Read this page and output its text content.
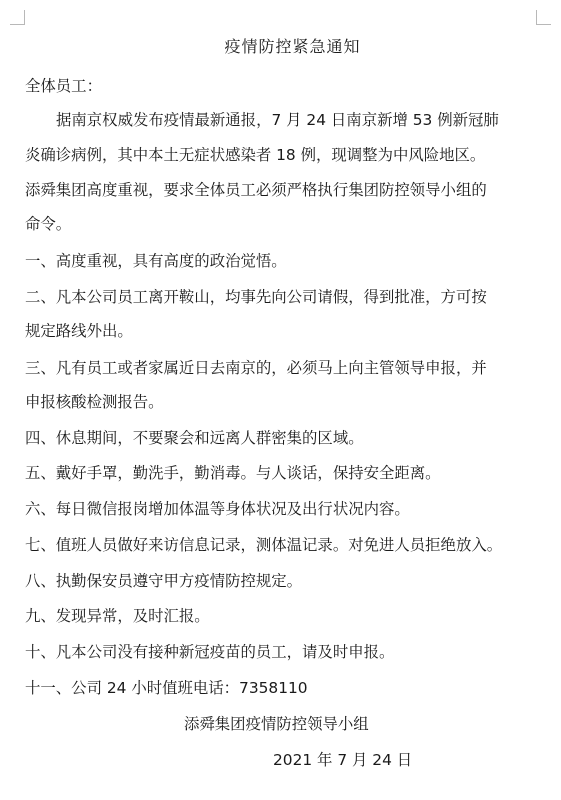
疫情防控紧急通知
全体员工：
据南京权威发布疫情最新通报，7 月 24 日南京新增 53 例新冠肺
炎确诊病例，其中本土无症状感染者 18 例，现调整为中风险地区。
添舜集团高度重视，要求全体员工必须严格执行集团防控领导小组的
命令。
一、高度重视，具有高度的政治觉悟。
二、凡本公司员工离开鞍山，均事先向公司请假，得到批准，方可按
规定路线外出。
三、凡有员工或者家属近日去南京的，必须马上向主管领导申报，并
申报核酸检测报告。
四、休息期间，不要聚会和远离人群密集的区域。
五、戴好手罩，勤洗手，勤消毒。与人谈话，保持安全距离。
六、每日微信报岗增加体温等身体状况及出行状况内容。
七、值班人员做好来访信息记录，测体温记录。对免进人员拒绝放入。
八、执勤保安员遵守甲方疫情防控规定。
九、发现异常，及时汇报。
十、凡本公司没有接种新冠疫苗的员工，请及时申报。
十一、公司 24 小时值班电话：7358110
添舜集团疫情防控领导小组
2021 年 7 月 24 日
